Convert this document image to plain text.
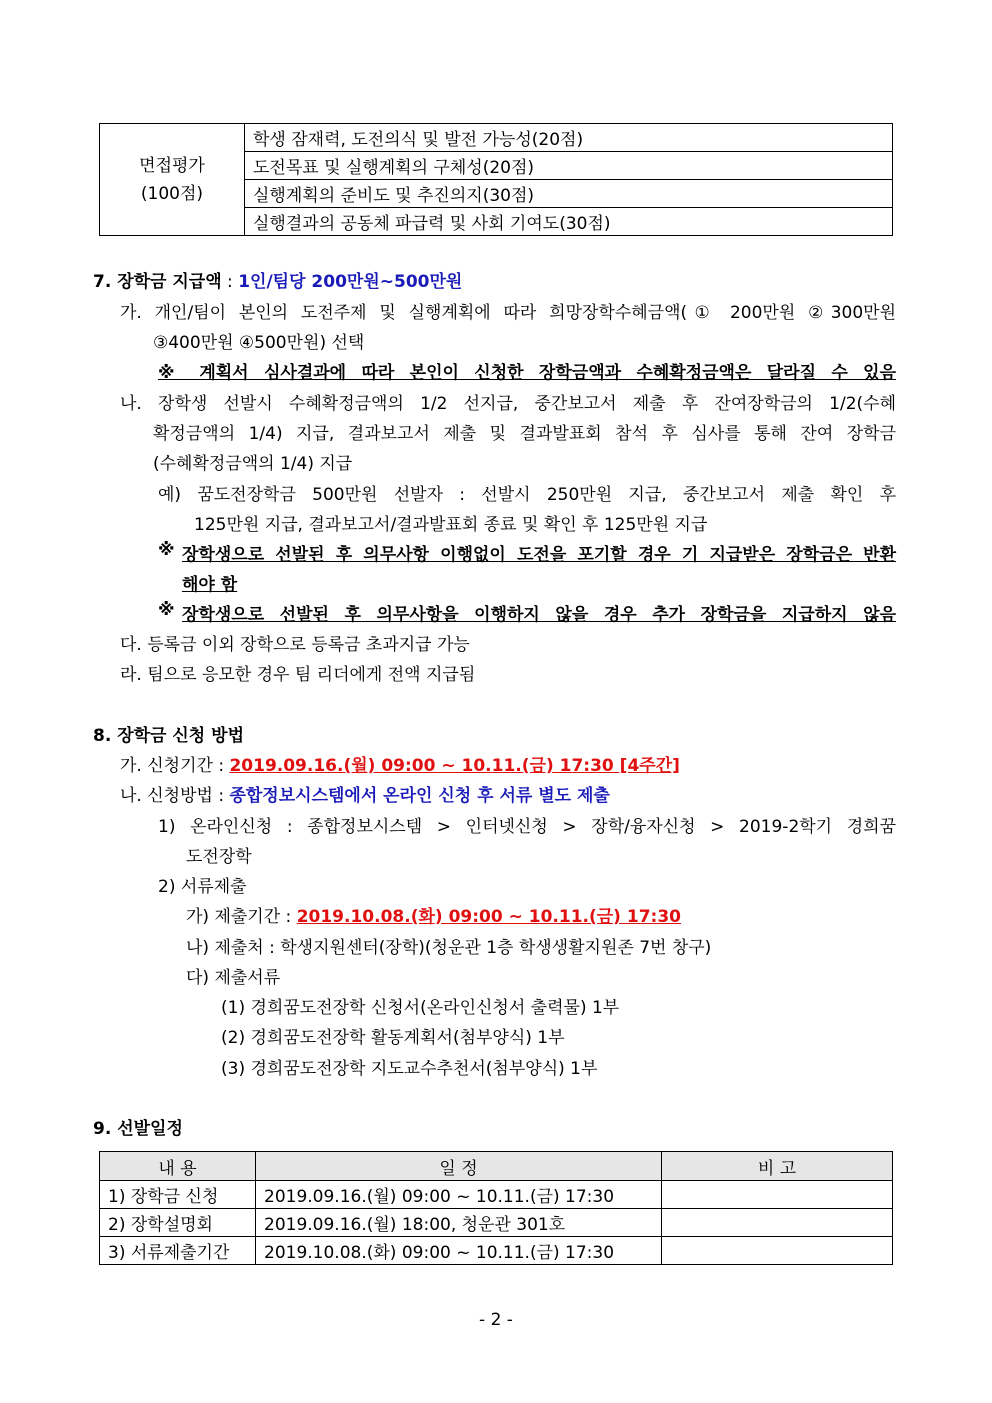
면접평가
(100점)
	학생 잠재력, 도전의식 및 발전 가능성(20점)
도전목표 및 실행계획의 구체성(20점)
실행계획의 준비도 및 추진의지(30점)
실행결과의 공동체 파급력 및 사회 기여도(30점)
7. 장학금 지급액 : 1인/팀당 200만원~500만원
가. 개인/팀이 본인의 도전주제 및 실행계획에 따라 희망장학수혜금액(① 200만원 ②300만원
③400만원 ④500만원) 선택
※ 계획서 심사결과에 따라 본인이 신청한 장학금액과 수혜확정금액은 달라질 수 있음
나. 장학생 선발시 수혜확정금액의 1/2 선지급, 중간보고서 제출 후 잔여장학금의 1/2(수혜
확정금액의 1/4) 지급, 결과보고서 제출 및 결과발표회 참석 후 심사를 통해 잔여 장학금
(수혜확정금액의 1/4) 지급
예) 꿈도전장학금 500만원 선발자 : 선발시 250만원 지급, 중간보고서 제출 확인 후
125만원 지급, 결과보고서/결과발표회 종료 및 확인 후 125만원 지급
※ 장학생으로 선발된 후 의무사항 이행없이 도전을 포기할 경우 기 지급받은 장학금은 반환
해야 함
※ 장학생으로 선발된 후 의무사항을 이행하지 않을 경우 추가 장학금을 지급하지 않음
다. 등록금 이외 장학으로 등록금 초과지급 가능
라. 팀으로 응모한 경우 팀 리더에게 전액 지급됨
8. 장학금 신청 방법
가. 신청기간 : 2019.09.16.(월) 09:00 ~ 10.11.(금) 17:30 [4주간]
나. 신청방법 : 종합정보시스템에서 온라인 신청 후 서류 별도 제출
1) 온라인신청 : 종합정보시스템 > 인터넷신청 > 장학/융자신청 > 2019-2학기 경희꿈
도전장학
2) 서류제출
가) 제출기간 : 2019.10.08.(화) 09:00 ~ 10.11.(금) 17:30
나) 제출처 : 학생지원센터(장학)(청운관 1층 학생생활지원존 7번 창구)
다) 제출서류
(1) 경희꿈도전장학 신청서(온라인신청서 출력물) 1부
(2) 경희꿈도전장학 활동계획서(첨부양식) 1부
(3) 경희꿈도전장학 지도교수추천서(첨부양식) 1부
9. 선발일정
내 용	일 정	비 고
1) 장학금 신청	2019.09.16.(월) 09:00 ~ 10.11.(금) 17:30	
2) 장학설명회	2019.09.16.(월) 18:00, 청운관 301호	
3) 서류제출기간	2019.10.08.(화) 09:00 ~ 10.11.(금) 17:30	
- 2 -
